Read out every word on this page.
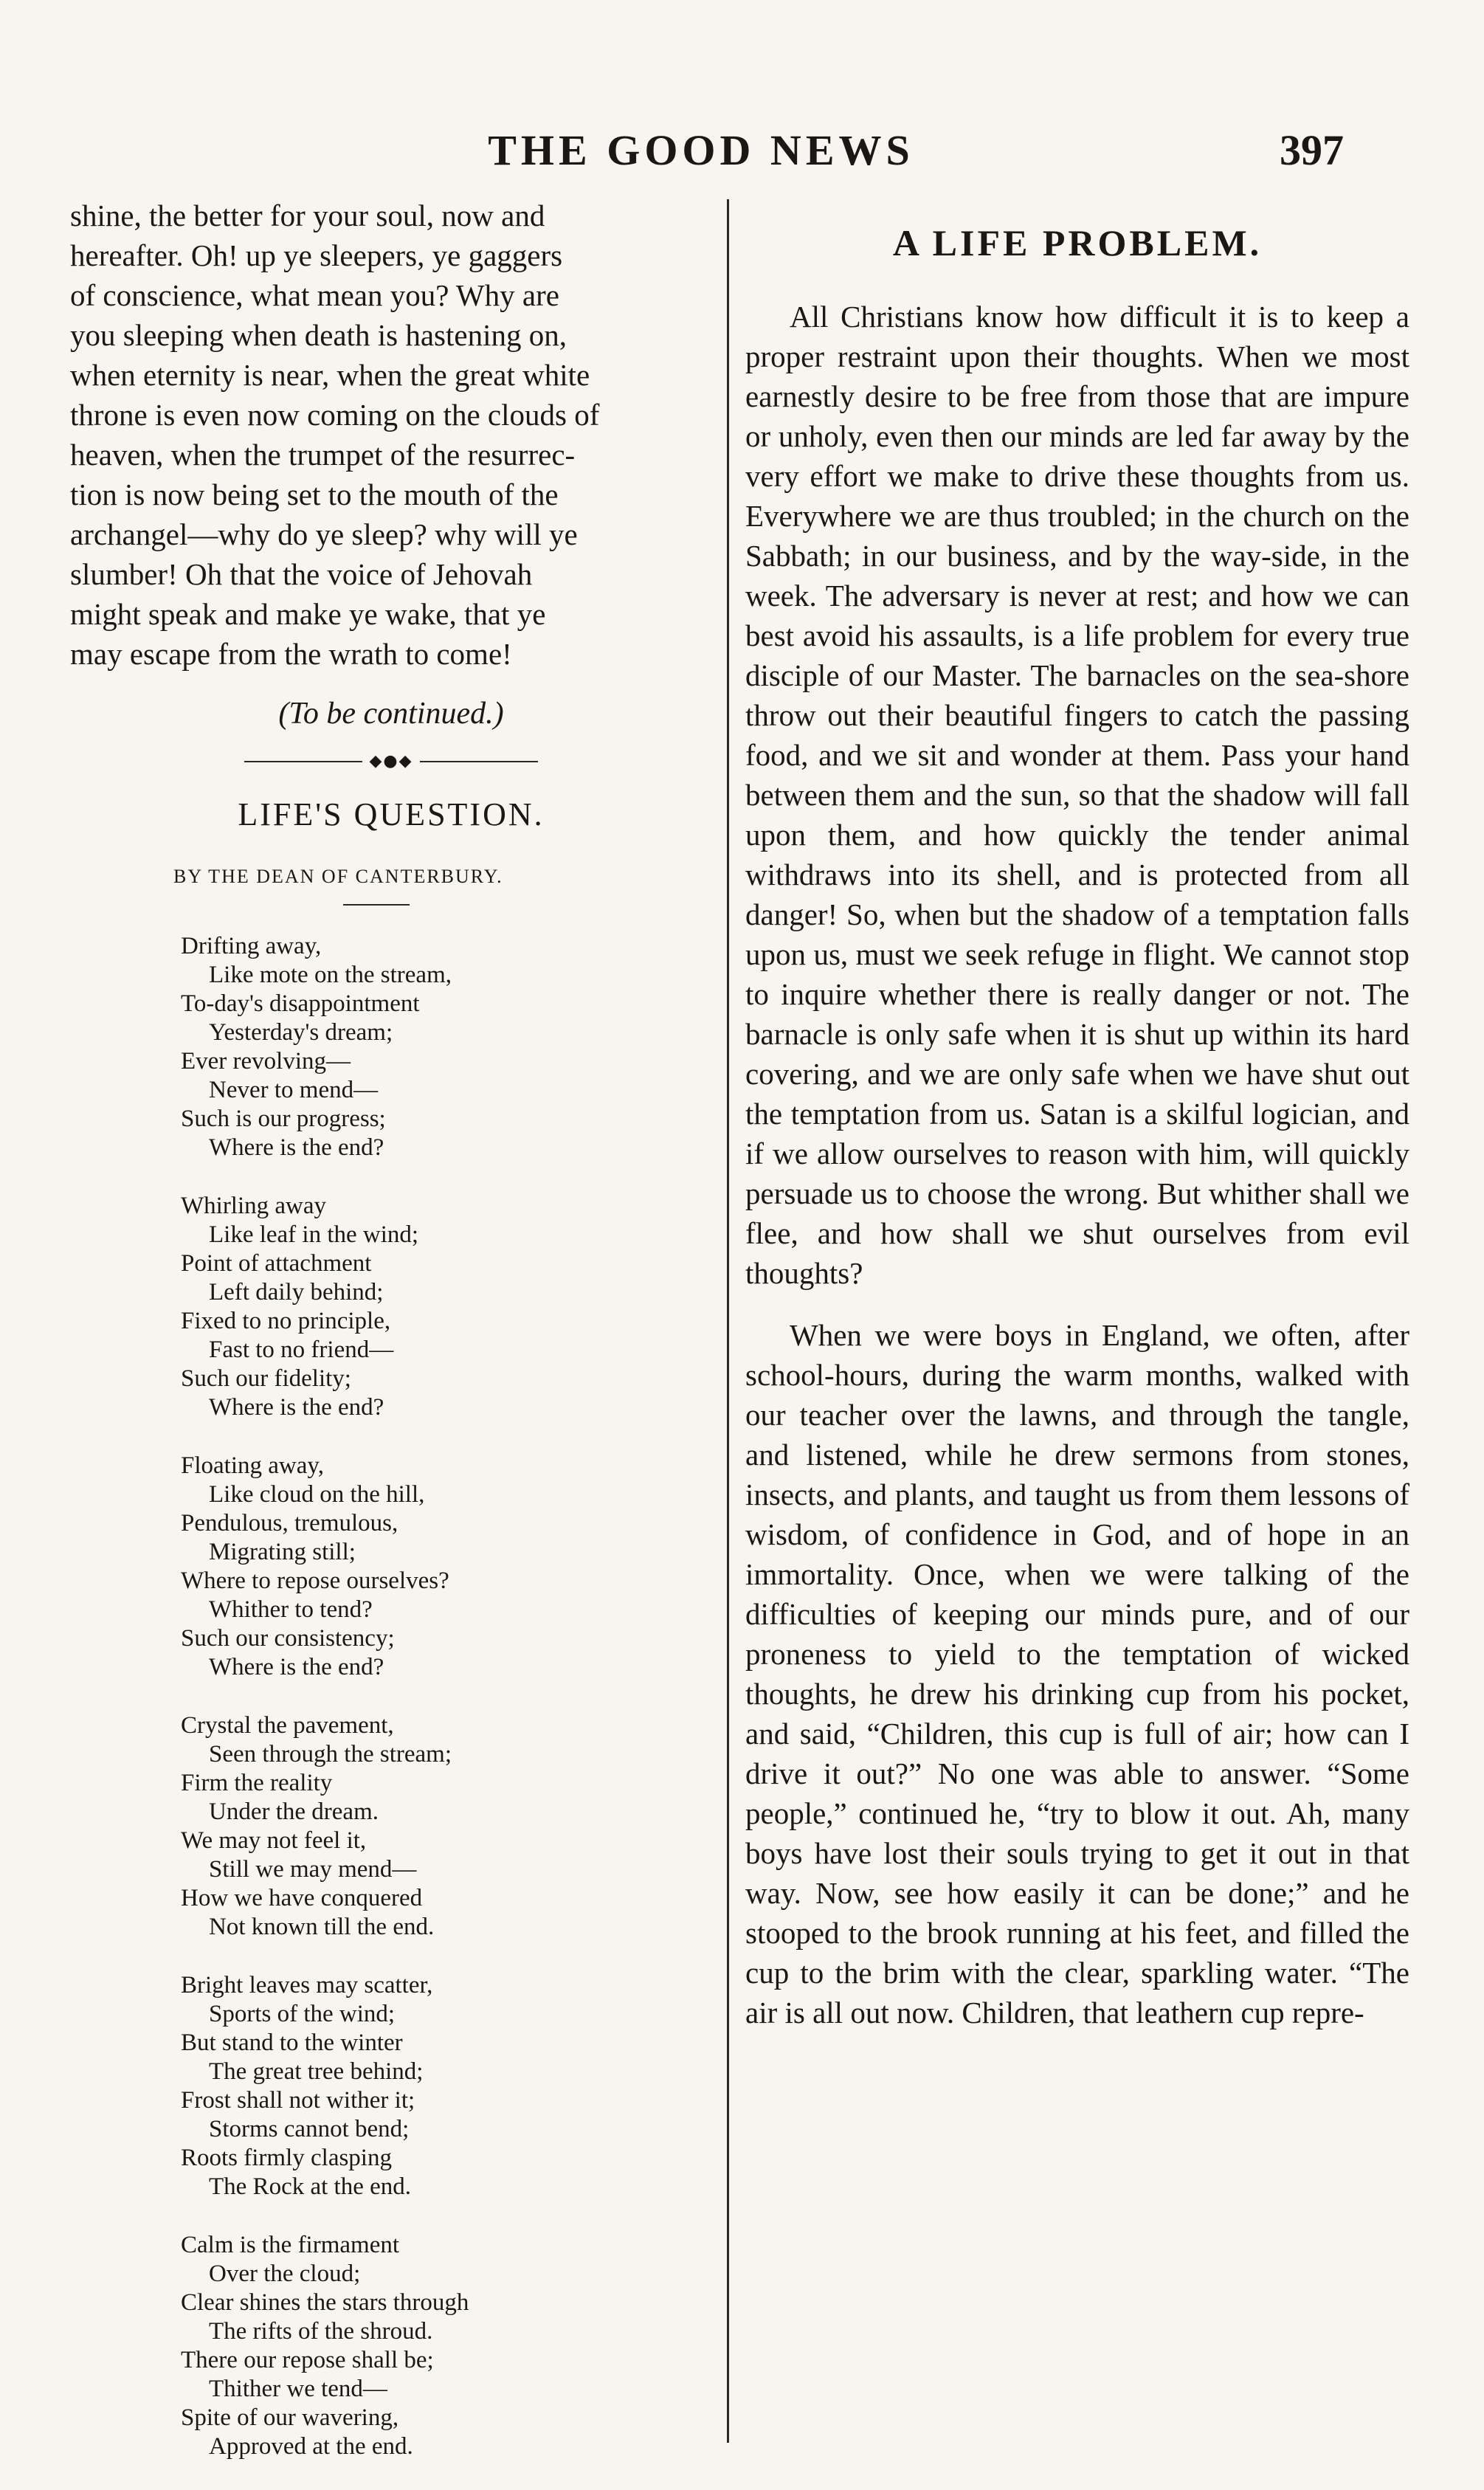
THE GOOD NEWS	397
shine, the better for your soul, now and
hereafter. Oh! up ye sleepers, ye gaggers
of conscience, what mean you? Why are
you sleeping when death is hastening on,
when eternity is near, when the great white
throne is even now coming on the clouds of
heaven, when the trumpet of the resurrec-
tion is now being set to the mouth of the
archangel—why do ye sleep? why will ye
slumber! Oh that the voice of Jehovah
might speak and make ye wake, that ye
may escape from the wrath to come!
(To be continued.)
◆●◆
LIFE'S QUESTION.
BY THE DEAN OF CANTERBURY.
Drifting away,
Like mote on the stream,
To-day's disappointment
Yesterday's dream;
Ever revolving—
Never to mend—
Such is our progress;
Where is the end?
Whirling away
Like leaf in the wind;
Point of attachment
Left daily behind;
Fixed to no principle,
Fast to no friend—
Such our fidelity;
Where is the end?
Floating away,
Like cloud on the hill,
Pendulous, tremulous,
Migrating still;
Where to repose ourselves?
Whither to tend?
Such our consistency;
Where is the end?
Crystal the pavement,
Seen through the stream;
Firm the reality
Under the dream.
We may not feel it,
Still we may mend—
How we have conquered
Not known till the end.
Bright leaves may scatter,
Sports of the wind;
But stand to the winter
The great tree behind;
Frost shall not wither it;
Storms cannot bend;
Roots firmly clasping
The Rock at the end.
Calm is the firmament
Over the cloud;
Clear shines the stars through
The rifts of the shroud.
There our repose shall be;
Thither we tend—
Spite of our wavering,
Approved at the end.
A LIFE PROBLEM.

All Christians know how difficult it is to keep a proper restraint upon their thoughts. When we most earnestly desire to be free from those that are impure or unholy, even then our minds are led far away by the very effort we make to drive these thoughts from us. Everywhere we are thus troubled; in the church on the Sabbath; in our business, and by the way-side, in the week. The adversary is never at rest; and how we can best avoid his assaults, is a life problem for every true disciple of our Master. The barnacles on the sea-shore throw out their beautiful fingers to catch the passing food, and we sit and wonder at them. Pass your hand between them and the sun, so that the shadow will fall upon them, and how quickly the tender animal withdraws into its shell, and is protected from all danger! So, when but the shadow of a temptation falls upon us, must we seek refuge in flight. We cannot stop to inquire whether there is really danger or not. The barnacle is only safe when it is shut up within its hard covering, and we are only safe when we have shut out the temptation from us. Satan is a skilful logician, and if we allow ourselves to reason with him, will quickly persuade us to choose the wrong. But whither shall we flee, and how shall we shut ourselves from evil thoughts?

When we were boys in England, we often, after school-hours, during the warm months, walked with our teacher over the lawns, and through the tangle, and listened, while he drew sermons from stones, insects, and plants, and taught us from them lessons of wisdom, of confidence in God, and of hope in an immortality. Once, when we were talking of the difficulties of keeping our minds pure, and of our proneness to yield to the temptation of wicked thoughts, he drew his drinking cup from his pocket, and said, “Children, this cup is full of air; how can I drive it out?” No one was able to answer. “Some people,” continued he, “try to blow it out. Ah, many boys have lost their souls trying to get it out in that way. Now, see how easily it can be done;” and he stooped to the brook running at his feet, and filled the cup to the brim with the clear, sparkling water. “The air is all out now. Children, that leathern cup repre-
